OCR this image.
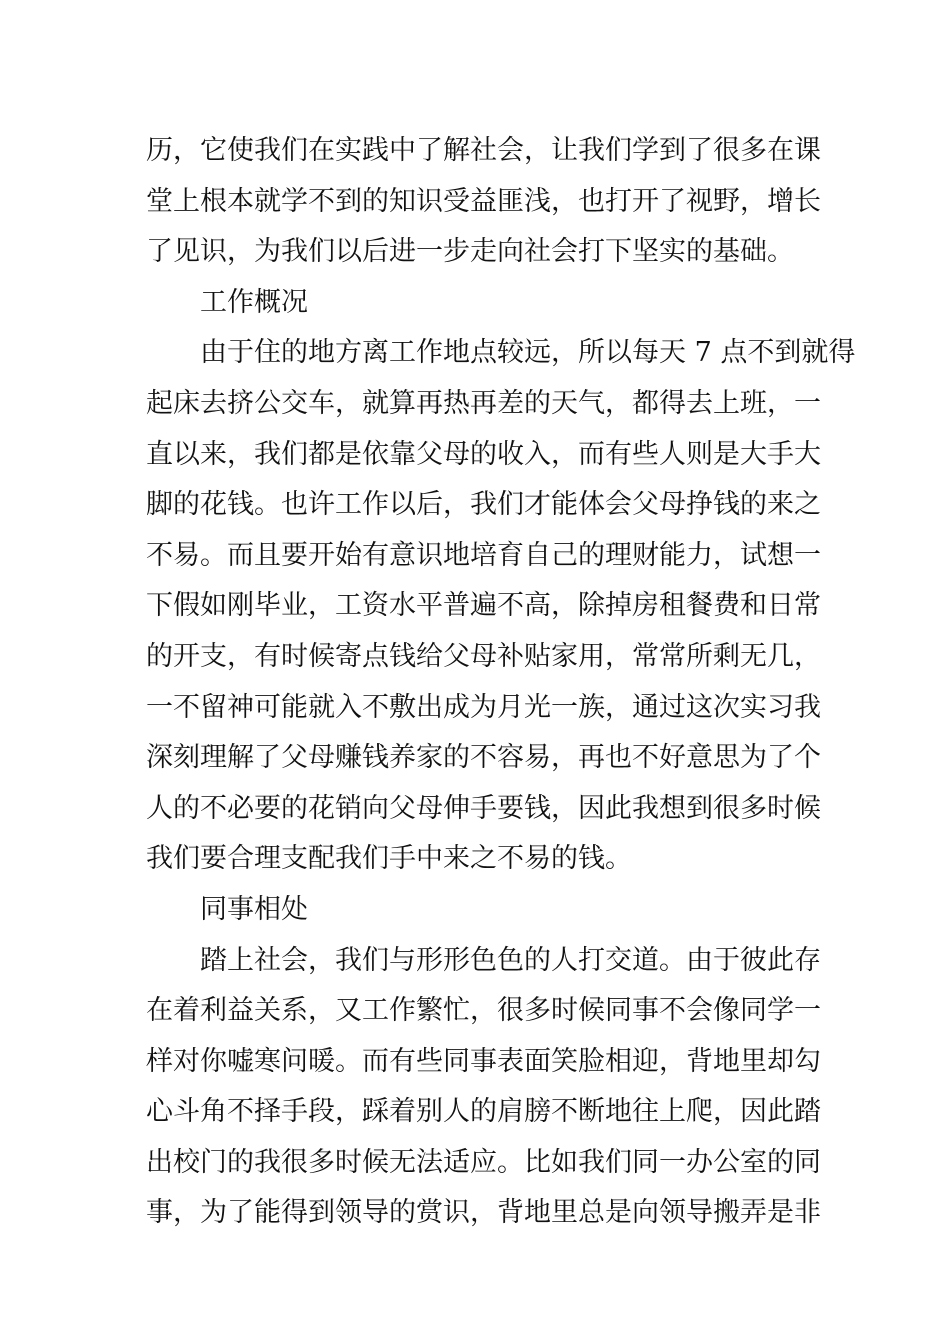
历，它使我们在实践中了解社会，让我们学到了很多在课
堂上根本就学不到的知识受益匪浅，也打开了视野，增长
了见识，为我们以后进一步走向社会打下坚实的基础。
工作概况
由于住的地方离工作地点较远，所以每天 7 点不到就得
起床去挤公交车，就算再热再差的天气，都得去上班，一
直以来，我们都是依靠父母的收入，而有些人则是大手大
脚的花钱。也许工作以后，我们才能体会父母挣钱的来之
不易。而且要开始有意识地培育自己的理财能力，试想一
下假如刚毕业，工资水平普遍不高，除掉房租餐费和日常
的开支，有时候寄点钱给父母补贴家用，常常所剩无几，
一不留神可能就入不敷出成为月光一族，通过这次实习我
深刻理解了父母赚钱养家的不容易，再也不好意思为了个
人的不必要的花销向父母伸手要钱，因此我想到很多时候
我们要合理支配我们手中来之不易的钱。
同事相处
踏上社会，我们与形形色色的人打交道。由于彼此存
在着利益关系，又工作繁忙，很多时候同事不会像同学一
样对你嘘寒问暖。而有些同事表面笑脸相迎，背地里却勾
心斗角不择手段，踩着别人的肩膀不断地往上爬，因此踏
出校门的我很多时候无法适应。比如我们同一办公室的同
事，为了能得到领导的赏识，背地里总是向领导搬弄是非
